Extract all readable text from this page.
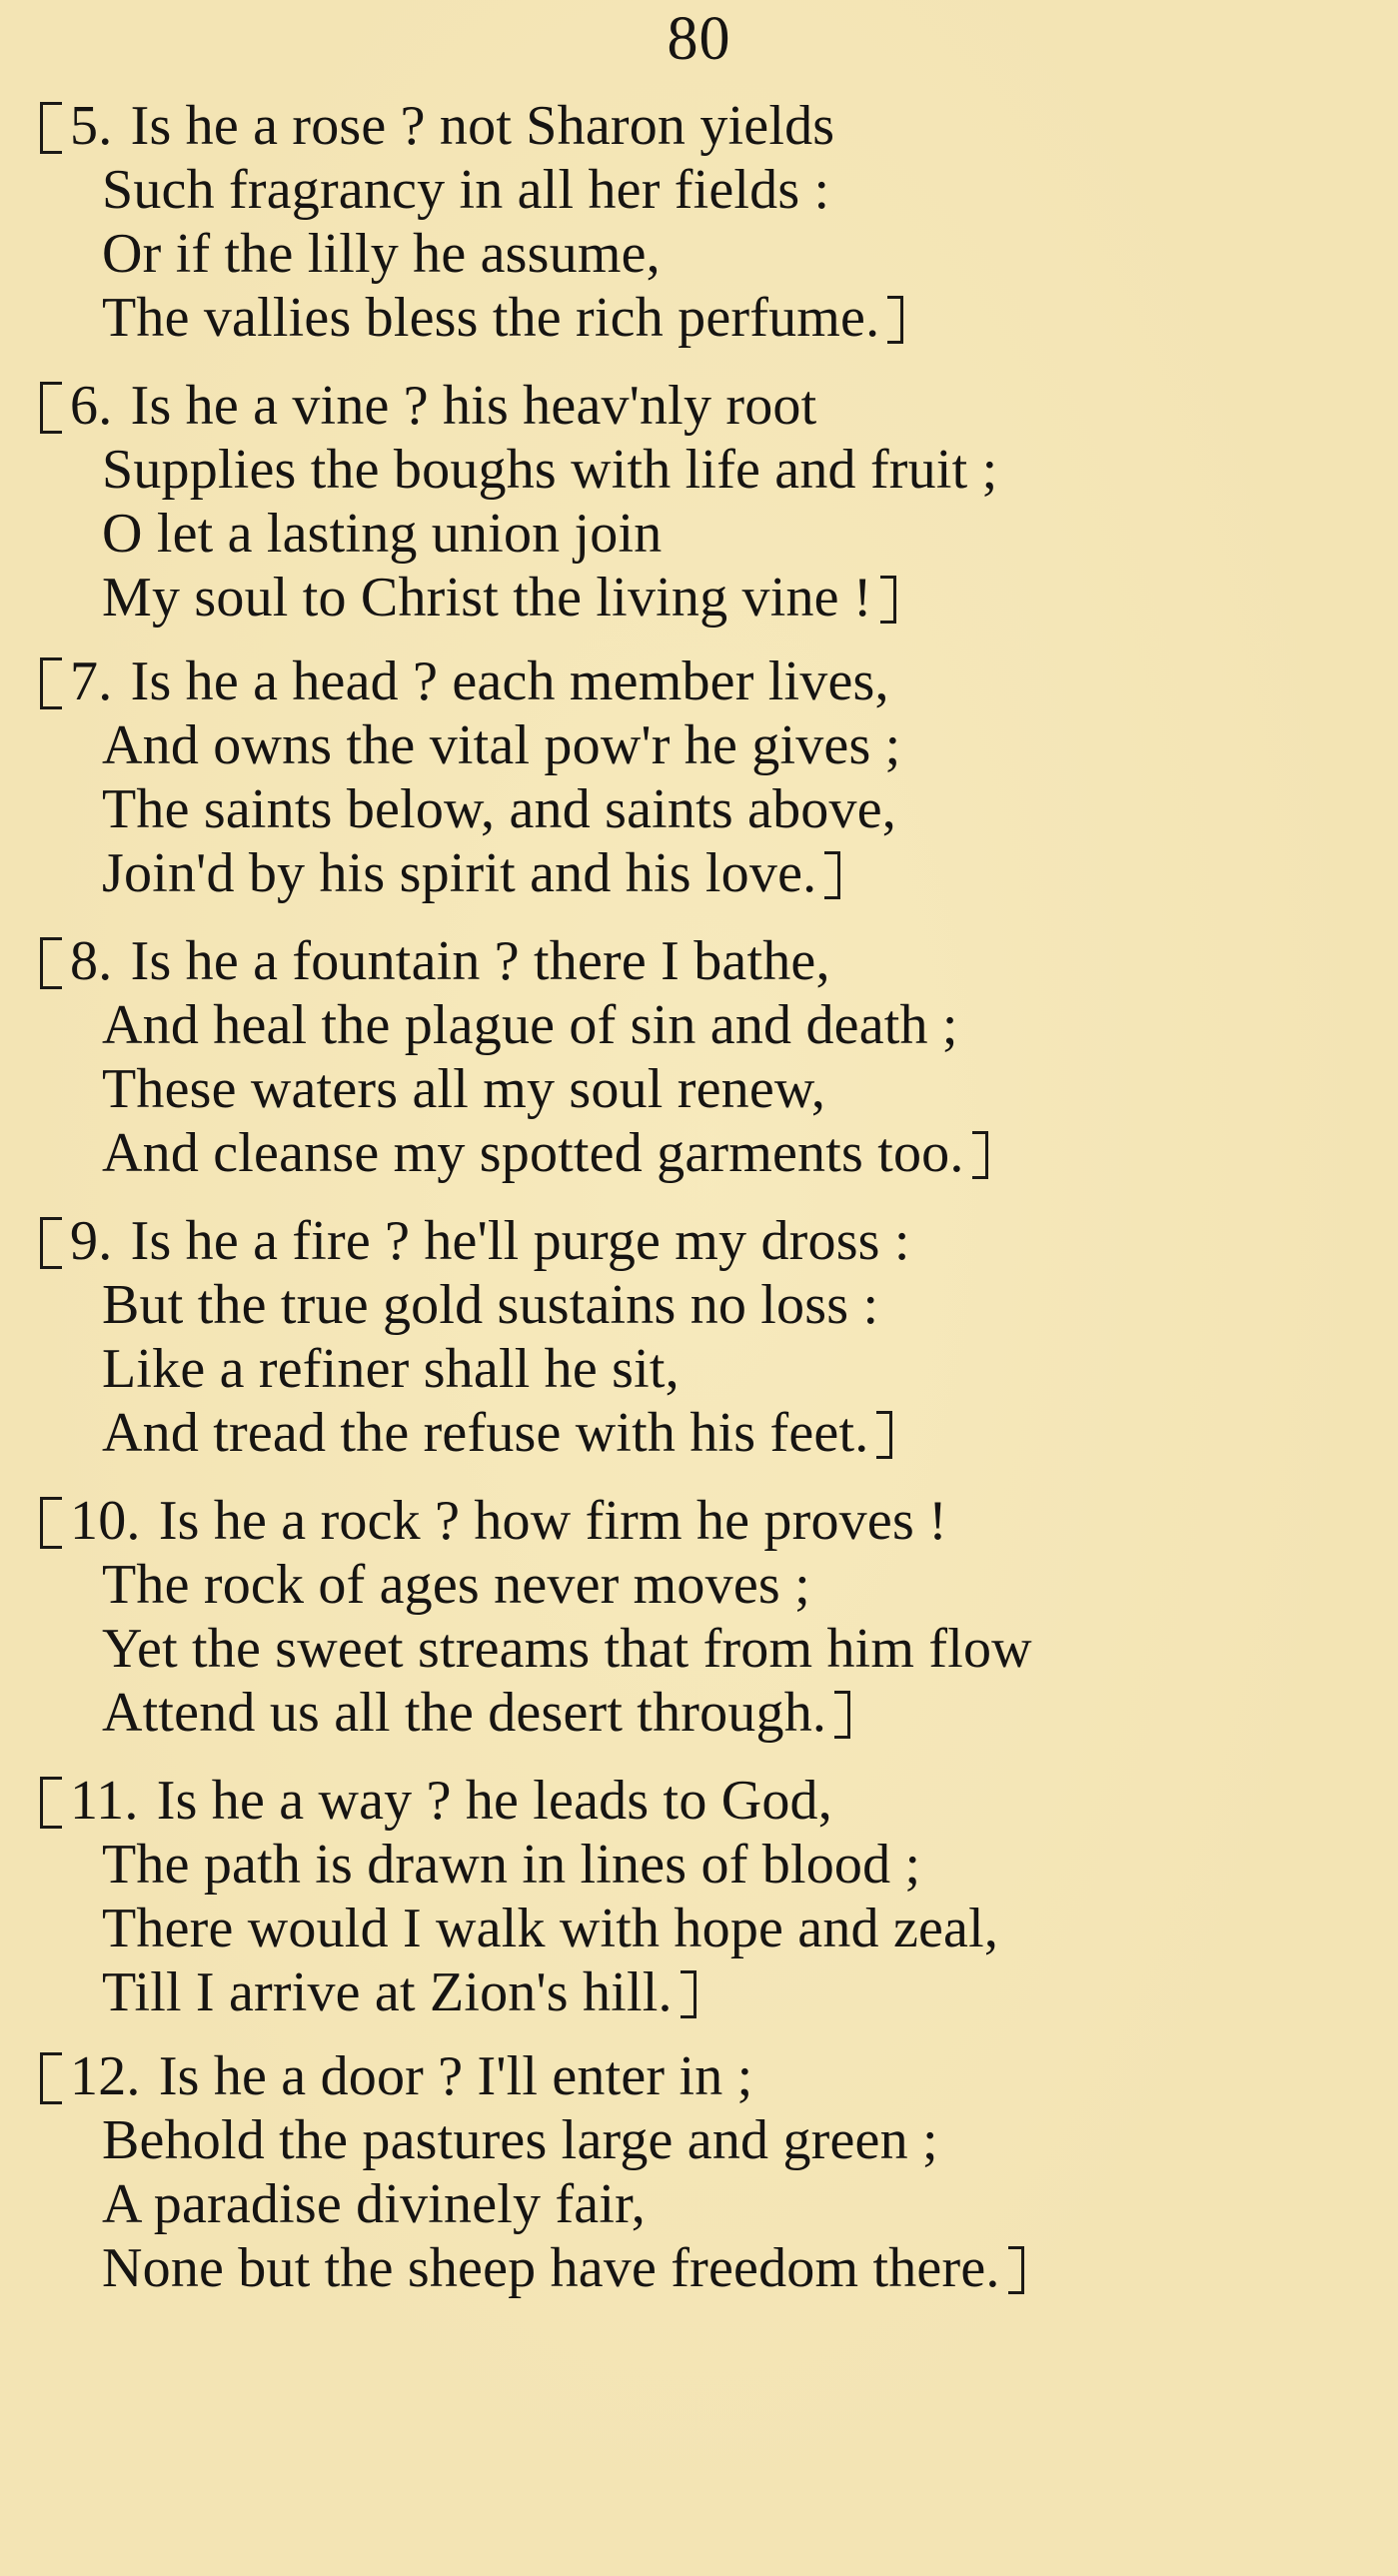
80
5. Is he a rose ? not Sharon yields
Such fragrancy in all her fields :
Or if the lilly he assume,
The vallies bless the rich perfume.
6. Is he a vine ? his heav'nly root
Supplies the boughs with life and fruit ;
O let a lasting union join
My soul to Christ the living vine !
7. Is he a head ? each member lives,
And owns the vital pow'r he gives ;
The saints below, and saints above,
Join'd by his spirit and his love.
8. Is he a fountain ? there I bathe,
And heal the plague of sin and death ;
These waters all my soul renew,
And cleanse my spotted garments too.
9. Is he a fire ? he'll purge my dross :
But the true gold sustains no loss :
Like a refiner shall he sit,
And tread the refuse with his feet.
10. Is he a rock ? how firm he proves !
The rock of ages never moves ;
Yet the sweet streams that from him flow
Attend us all the desert through.
11. Is he a way ? he leads to God,
The path is drawn in lines of blood ;
There would I walk with hope and zeal,
Till I arrive at Zion's hill.
12. Is he a door ? I'll enter in ;
Behold the pastures large and green ;
A paradise divinely fair,
None but the sheep have freedom there.
